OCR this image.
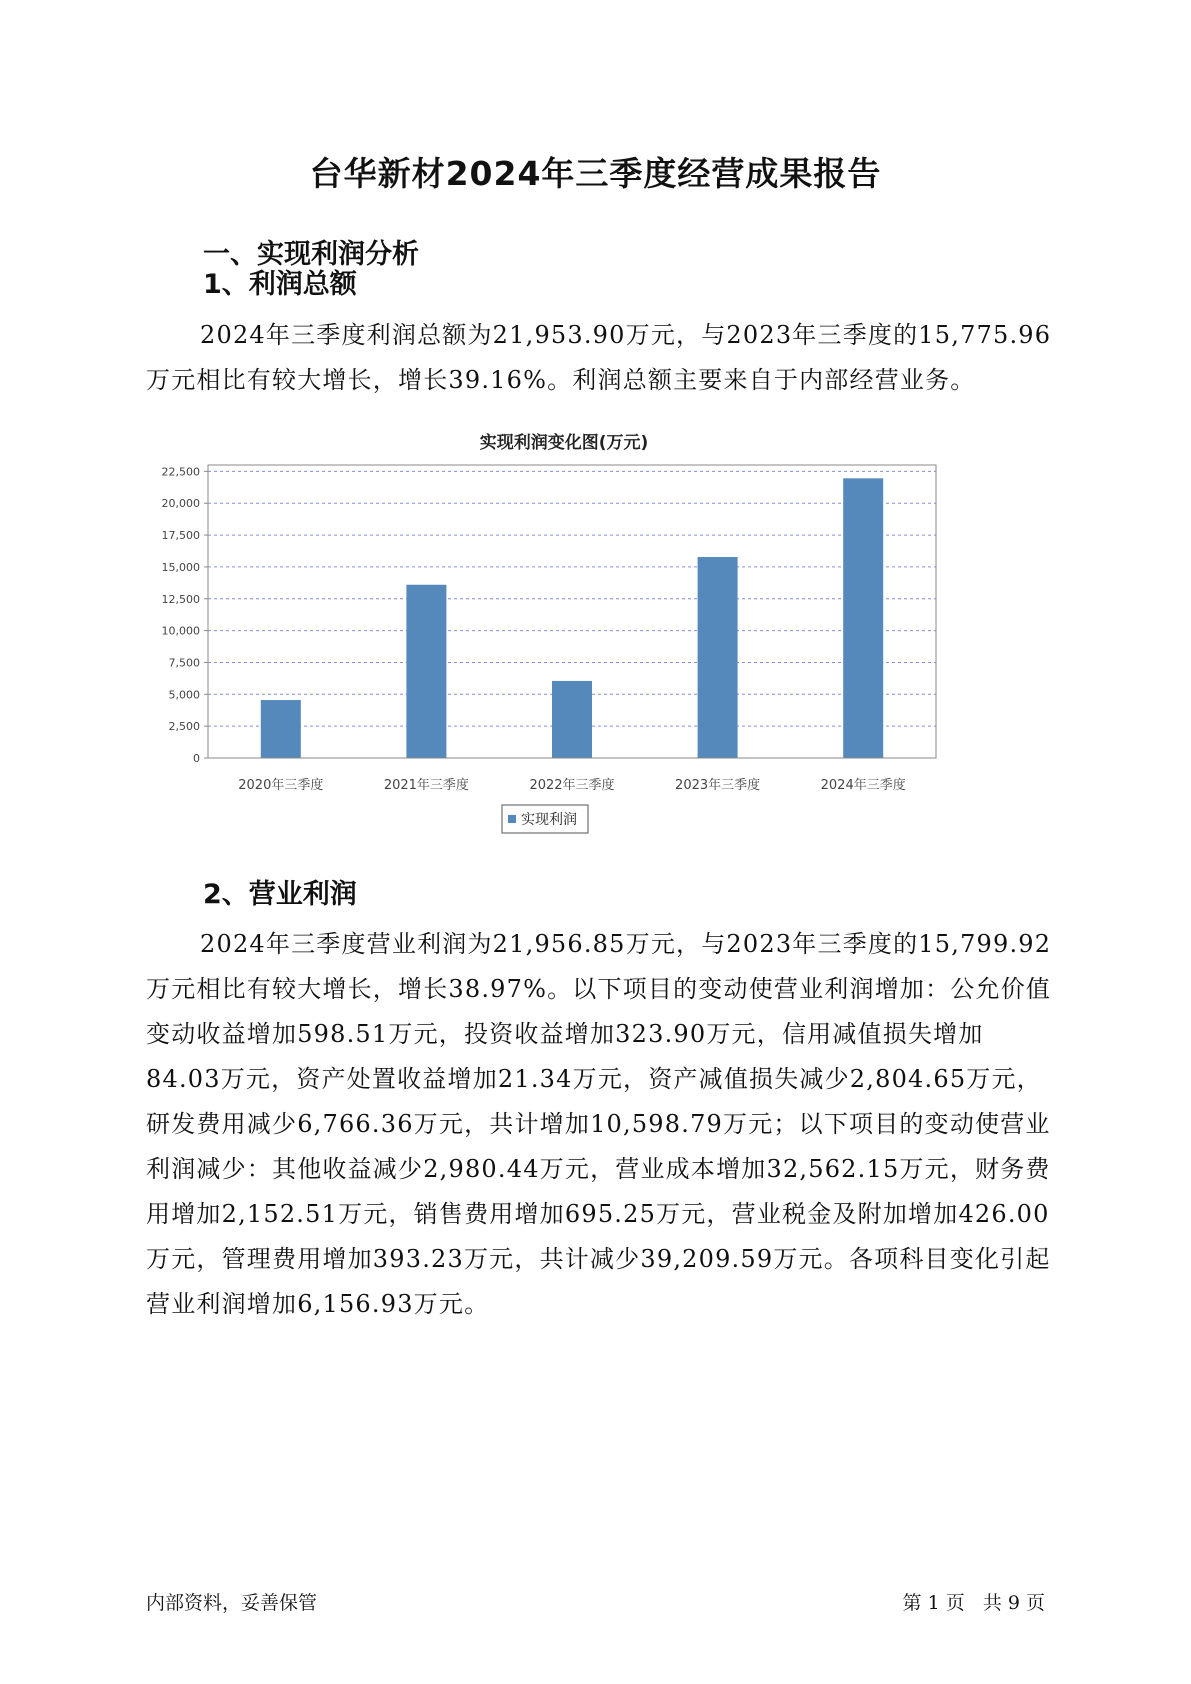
台华新材2024年三季度经营成果报告
一、实现利润分析
1、利润总额

2024年三季度利润总额为21,953.90万元，与2023年三季度的15,775.96万元相比有较大增长，增长39.16%。利润总额主要来自于内部经营业务。

实现利润变化图(万元)
0
2,500
5,000
7,500
10,000
12,500
15,000
17,500
20,000
22,500
2020年三季度	2021年三季度	2022年三季度	2023年三季度	2024年三季度
实现利润
2、营业利润

2024年三季度营业利润为21,956.85万元，与2023年三季度的15,799.92万元相比有较大增长，增长38.97%。以下项目的变动使营业利润增加：公允价值变动收益增加598.51万元，投资收益增加323.90万元，信用减值损失增加84.03万元，资产处置收益增加21.34万元，资产减值损失减少2,804.65万元，研发费用减少6,766.36万元，共计增加10,598.79万元；以下项目的变动使营业利润减少：其他收益减少2,980.44万元，营业成本增加32,562.15万元，财务费用增加2,152.51万元，销售费用增加695.25万元，营业税金及附加增加426.00万元，管理费用增加393.23万元，共计减少39,209.59万元。各项科目变化引起营业利润增加6,156.93万元。

内部资料，妥善保管	第 1 页   共 9 页
